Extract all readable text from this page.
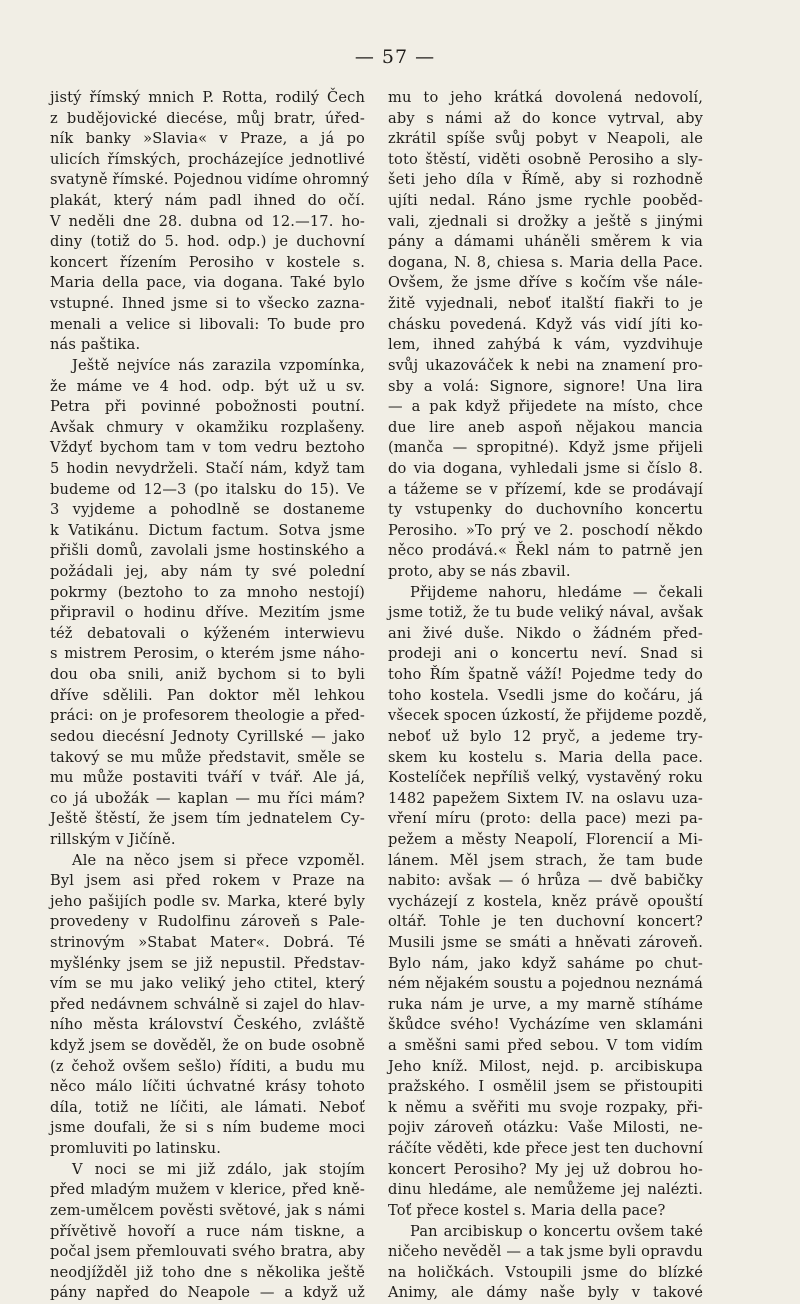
— 57 —
jistý římský mnich P. Rotta, rodilý Čech
z budějovické diecése, můj bratr, úřed-
ník banky »Slavia« v Praze, a já po
ulicích římských, procházejíce jednotlivé
svatyně římské. Pojednou vidíme ohromný
plakát, který nám padl ihned do očí.
V neděli dne 28. dubna od 12.—17. ho-
diny (totiž do 5. hod. odp.) je duchovní
koncert řízením Perosiho v kostele s.
Maria della pace, via dogana. Také bylo
vstupné. Ihned jsme si to všecko zazna-
menali a velice si libovali: To bude pro
nás paštika.
Ještě nejvíce nás zarazila vzpomínka,
že máme ve 4 hod. odp. být už u sv.
Petra při povinné pobožnosti poutní.
Avšak chmury v okamžiku rozplašeny.
Vždyť bychom tam v tom vedru beztoho
5 hodin nevydrželi. Stačí nám, když tam
budeme od 12—3 (po italsku do 15). Ve
3 vyjdeme a pohodlně se dostaneme
k Vatikánu. Dictum factum. Sotva jsme
přišli domů, zavolali jsme hostinského a
požádali jej, aby nám ty své polední
pokrmy (beztoho to za mnoho nestojí)
připravil o hodinu dříve. Mezitím jsme
též debatovali o kýženém interwievu
s mistrem Perosim, o kterém jsme náho-
dou oba snili, aniž bychom si to byli
dříve sdělili. Pan doktor měl lehkou
práci: on je profesorem theologie a před-
sedou diecésní Jednoty Cyrillské — jako
takový se mu může představit, směle se
mu může postaviti tváří v tvář. Ale já,
co já ubožák — kaplan — mu říci mám?
Ještě štěstí, že jsem tím jednatelem Cy-
rillským v Jičíně.
Ale na něco jsem si přece vzpoměl.
Byl jsem asi před rokem v Praze na
jeho pašijích podle sv. Marka, které byly
provedeny v Rudolfinu zároveň s Pale-
strinovým »Stabat Mater«. Dobrá. Té
myšlénky jsem se již nepustil. Představ-
vím se mu jako veliký jeho ctitel, který
před nedávnem schválně si zajel do hlav-
ního města království Českého, zvláště
když jsem se dověděl, že on bude osobně
(z čehož ovšem sešlo) říditi, a budu mu
něco málo líčiti úchvatné krásy tohoto
díla, totiž ne líčiti, ale lámati. Neboť
jsme doufali, že si s ním budeme moci
promluviti po latinsku.
V noci se mi již zdálo, jak stojím
před mladým mužem v klerice, před kně-
zem-umělcem pověsti světové, jak s námi
přívětivě hovoří a ruce nám tiskne, a
počal jsem přemlouvati svého bratra, aby
neodjížděl již toho dne s několika ještě
pány napřed do Neapole — a když už
mu to jeho krátká dovolená nedovolí,
aby s námi až do konce vytrval, aby
zkrátil spíše svůj pobyt v Neapoli, ale
toto štěstí, viděti osobně Perosiho a sly-
šeti jeho díla v Římě, aby si rozhodně
ujíti nedal. Ráno jsme rychle pooběd-
vali, zjednali si drožky a ještě s jinými
pány a dámami uháněli směrem k via
dogana, N. 8, chiesa s. Maria della Pace.
Ovšem, že jsme dříve s kočím vše nále-
žitě vyjednali, neboť italští fiakři to je
chásku povedená. Když vás vidí jíti ko-
lem, ihned zahýbá k vám, vyzdvihuje
svůj ukazováček k nebi na znamení pro-
sby a volá: Signore, signore! Una lira
— a pak když přijedete na místo, chce
due lire aneb aspoň nějakou mancia
(manča — spropitné). Když jsme přijeli
do via dogana, vyhledali jsme si číslo 8.
a tážeme se v přízemí, kde se prodávají
ty vstupenky do duchovního koncertu
Perosiho. »To prý ve 2. poschodí někdo
něco prodává.« Řekl nám to patrně jen
proto, aby se nás zbavil.
Přijdeme nahoru, hledáme — čekali
jsme totiž, že tu bude veliký nával, avšak
ani živé duše. Nikdo o žádném před-
prodeji ani o koncertu neví. Snad si
toho Řím špatně váží! Pojedme tedy do
toho kostela. Vsedli jsme do kočáru, já
všecek spocen úzkostí, že přijdeme pozdě,
neboť už bylo 12 pryč, a jedeme try-
skem ku kostelu s. Maria della pace.
Kostelíček nepříliš velký, vystavěný roku
1482 papežem Sixtem IV. na oslavu uza-
vření míru (proto: della pace) mezi pa-
pežem a městy Neapolí, Florencií a Mi-
lánem. Měl jsem strach, že tam bude
nabito: avšak — ó hrůza — dvě babičky
vycházejí z kostela, kněz právě opouští
oltář. Tohle je ten duchovní koncert?
Musili jsme se smáti a hněvati zároveň.
Bylo nám, jako když saháme po chut-
ném nějakém soustu a pojednou neznámá
ruka nám je urve, a my marně stíháme
škůdce svého! Vycházíme ven sklamáni
a směšni sami před sebou. V tom vidím
Jeho kníž. Milost, nejd. p. arcibiskupa
pražského. I osmělil jsem se přistoupiti
k němu a svěřiti mu svoje rozpaky, při-
pojiv zároveň otázku: Vaše Milosti, ne-
ráčíte věděti, kde přece jest ten duchovní
koncert Perosiho? My jej už dobrou ho-
dinu hledáme, ale nemůžeme jej nalézti.
Toť přece kostel s. Maria della pace?
Pan arcibiskup o koncertu ovšem také
ničeho nevěděl — a tak jsme byli opravdu
na holičkách. Vstoupili jsme do blízké
Animy, ale dámy naše byly v takové
